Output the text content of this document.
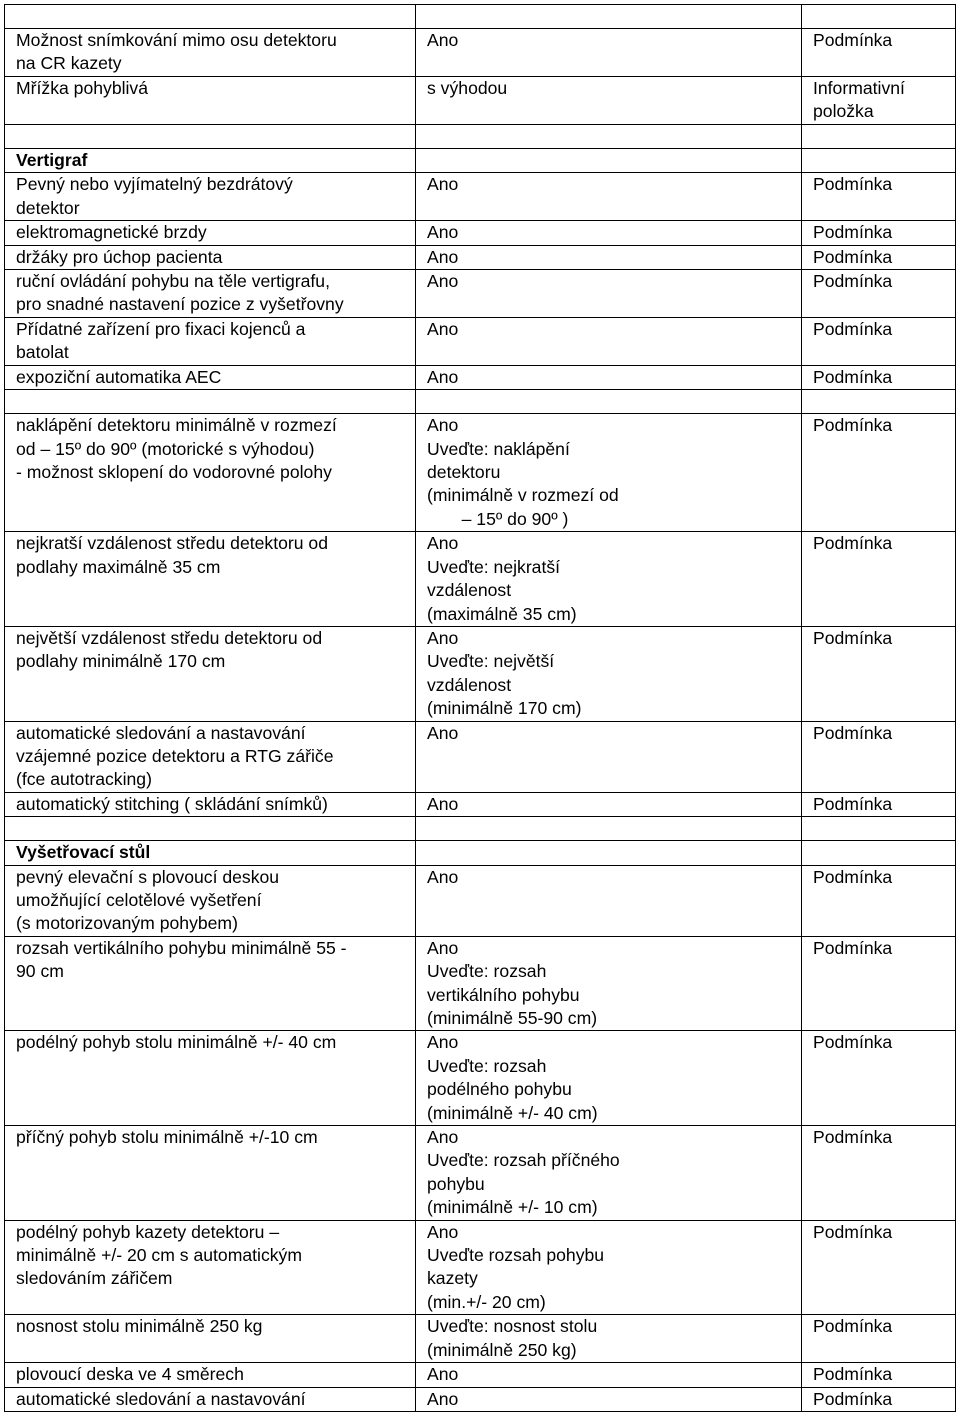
Možnost snímkování mimo osu detektoru
na CR kazety	Ano	Podmínka

Mřížka pohyblivá	s výhodou	Informativní
položka

Vertigraf		

Pevný nebo vyjímatelný bezdrátový
detektor	Ano	Podmínka

elektromagnetické brzdy	Ano	Podmínka

držáky pro úchop pacienta	Ano	Podmínka

ruční ovládání pohybu na těle vertigrafu,
pro snadné nastavení pozice z vyšetřovny	Ano	Podmínka

Přídatné zařízení pro fixaci kojenců a
batolat	Ano	Podmínka

expoziční automatika AEC	Ano	Podmínka

naklápění detektoru minimálně v rozmezí
od – 15º do 90º (motorické s výhodou)
- možnost sklopení do vodorovné polohy	Ano
Uveďte: naklápění
detektoru
(minimálně v rozmezí od
– 15º do 90º )	Podmínka

nejkratší vzdálenost středu detektoru od
podlahy maximálně 35 cm	Ano
Uveďte: nejkratší
vzdálenost
(maximálně 35 cm)	Podmínka

největší vzdálenost středu detektoru od
podlahy minimálně 170 cm	Ano
Uveďte: největší
vzdálenost
(minimálně 170 cm)	Podmínka

automatické sledování a nastavování
vzájemné pozice detektoru a RTG zářiče
(fce autotracking)	Ano	Podmínka

automatický stitching ( skládání snímků)	Ano	Podmínka

Vyšetřovací stůl		

pevný elevační s plovoucí deskou
umožňující celotělové vyšetření
(s motorizovaným pohybem)	Ano	Podmínka

rozsah vertikálního pohybu minimálně 55 -
90 cm	Ano
Uveďte: rozsah
vertikálního pohybu
(minimálně 55-90 cm)	Podmínka

podélný pohyb stolu minimálně +/- 40 cm	Ano
Uveďte: rozsah
podélného pohybu
(minimálně +/- 40 cm)	Podmínka

příčný pohyb stolu minimálně +/-10 cm	Ano
Uveďte: rozsah příčného
pohybu
(minimálně +/- 10 cm)	Podmínka

podélný pohyb kazety detektoru –
minimálně +/- 20 cm s automatickým
sledováním zářičem	Ano
Uveďte rozsah pohybu
kazety
(min.+/- 20 cm)	Podmínka

nosnost stolu minimálně 250 kg	Uveďte: nosnost stolu
(minimálně 250 kg)	Podmínka

plovoucí deska ve 4 směrech	Ano	Podmínka

automatické sledování a nastavování	Ano	Podmínka
